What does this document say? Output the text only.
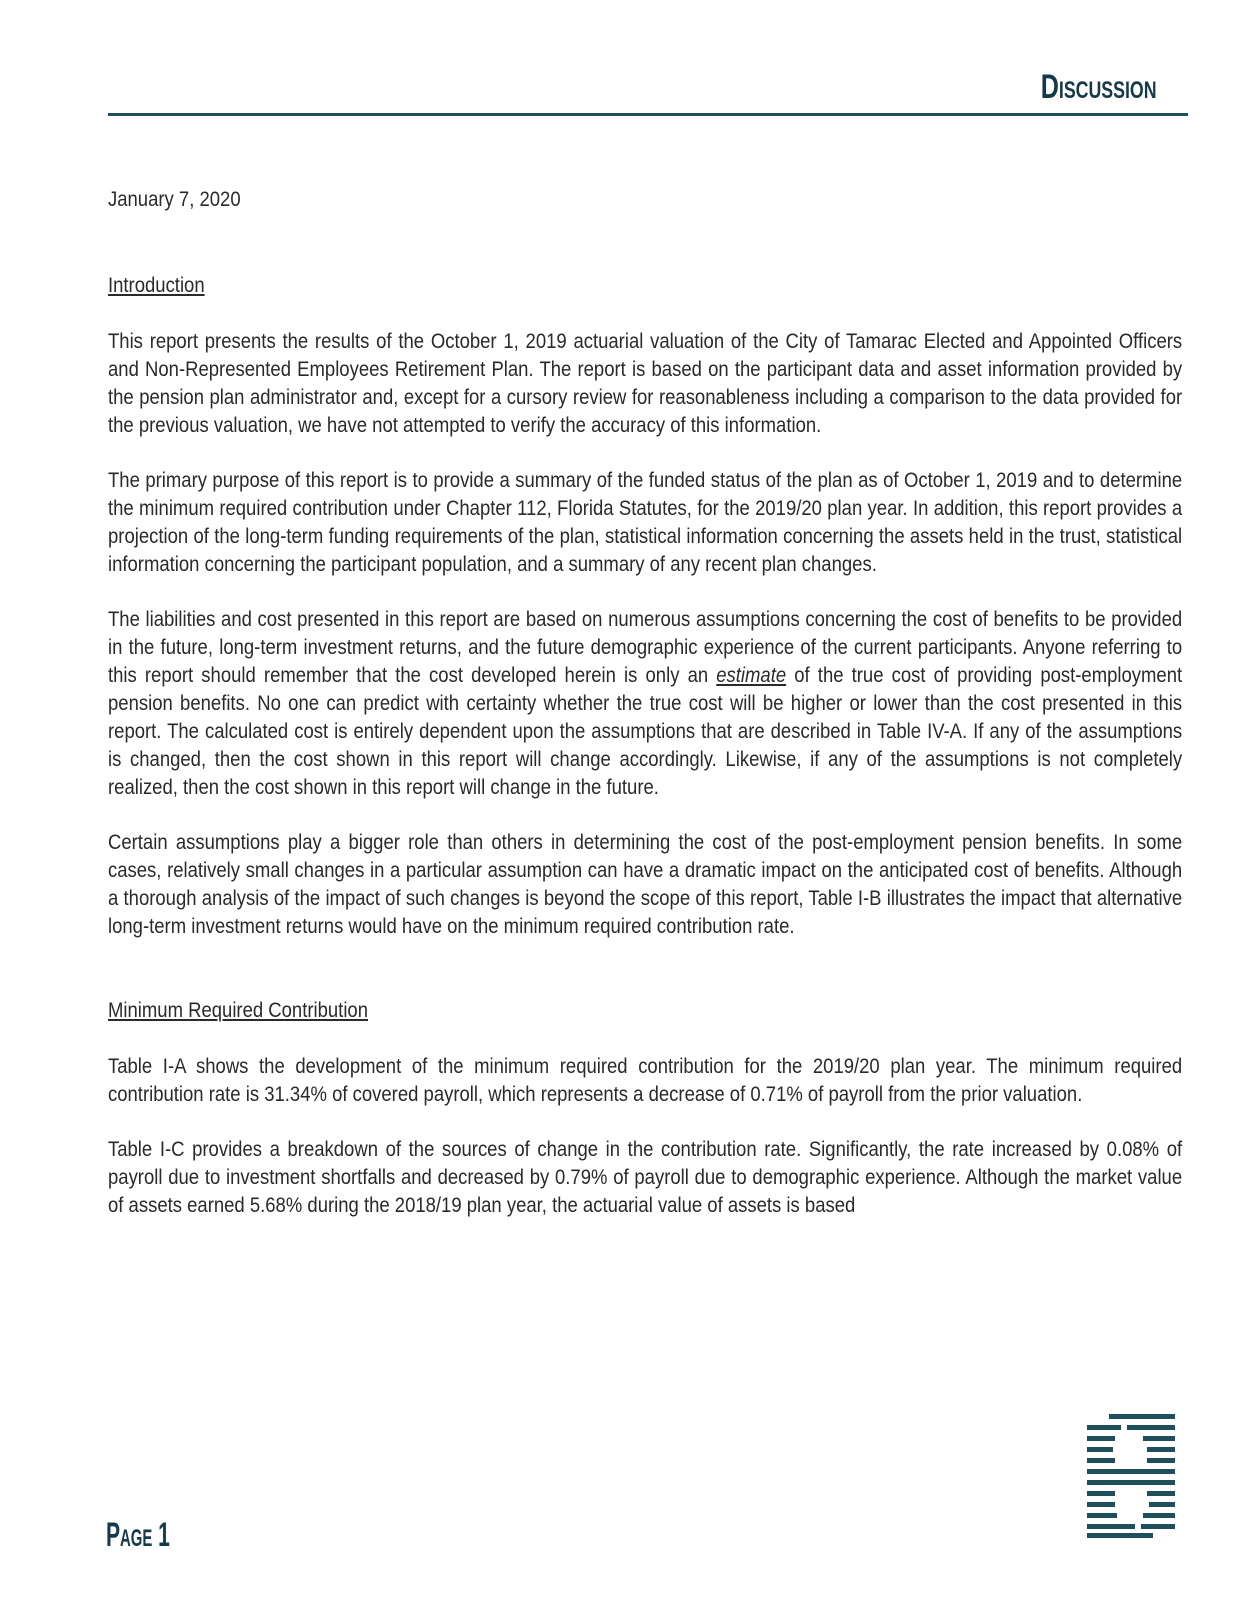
Discussion
January 7, 2020
Introduction

This report presents the results of the October 1, 2019 actuarial valuation of the City of Tamarac Elected and Appointed Officers and Non-Represented Employees Retirement Plan. The report is based on the participant data and asset information provided by the pension plan administrator and, except for a cursory review for reasonableness including a comparison to the data provided for the previous valuation, we have not attempted to verify the accuracy of this information.

The primary purpose of this report is to provide a summary of the funded status of the plan as of October 1, 2019 and to determine the minimum required contribution under Chapter 112, Florida Statutes, for the 2019/20 plan year. In addition, this report provides a projection of the long-term funding requirements of the plan, statistical information concerning the assets held in the trust, statistical information concerning the participant population, and a summary of any recent plan changes.

The liabilities and cost presented in this report are based on numerous assumptions concerning the cost of benefits to be provided in the future, long-term investment returns, and the future demographic experience of the current participants. Anyone referring to this report should remember that the cost developed herein is only an estimate of the true cost of providing post-employment pension benefits. No one can predict with certainty whether the true cost will be higher or lower than the cost presented in this report. The calculated cost is entirely dependent upon the assumptions that are described in Table IV-A. If any of the assumptions is changed, then the cost shown in this report will change accordingly. Likewise, if any of the assumptions is not completely realized, then the cost shown in this report will change in the future.

Certain assumptions play a bigger role than others in determining the cost of the post-employment pension benefits. In some cases, relatively small changes in a particular assumption can have a dramatic impact on the anticipated cost of benefits. Although a thorough analysis of the impact of such changes is beyond the scope of this report, Table I-B illustrates the impact that alternative long-term investment returns would have on the minimum required contribution rate.

Minimum Required Contribution

Table I-A shows the development of the minimum required contribution for the 2019/20 plan year. The minimum required contribution rate is 31.34% of covered payroll, which represents a decrease of 0.71% of payroll from the prior valuation.

Table I-C provides a breakdown of the sources of change in the contribution rate. Significantly, the rate increased by 0.08% of payroll due to investment shortfalls and decreased by 0.79% of payroll due to demographic experience. Although the market value of assets earned 5.68% during the 2018/19 plan year, the actuarial value of assets is based

Page 1
